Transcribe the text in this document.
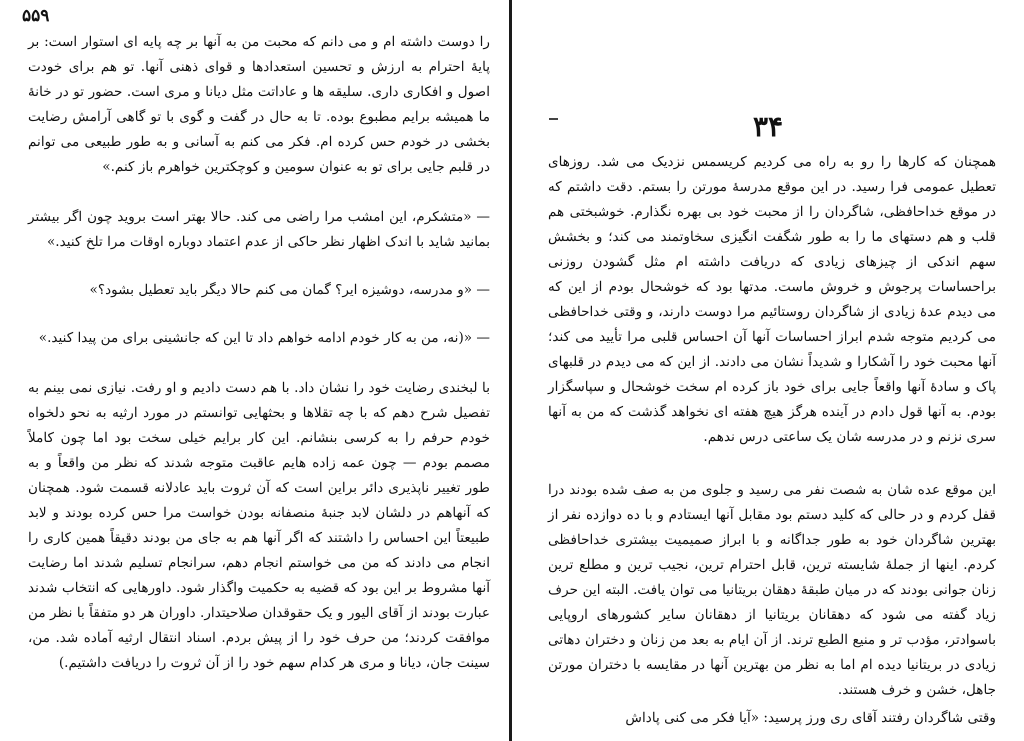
۵۵۹

را دوست داشته ام و می دانم که محبت من به آنها بر چه پایه ای استوار است: بر پایهٔ احترام به ارزش و تحسین استعدادها و قوای ذهنی آنها. تو هم برای خودت اصول و افکاری داری. سلیقه ها و عاداتت مثل دیانا و مری است. حضور تو در خانهٔ ما همیشه برایم مطبوع بوده. تا به حال در گفت و گوی با تو گاهی آرامش رضایت بخشی در خودم حس کرده ام. فکر می کنم به آسانی و به طور طبیعی می توانم در قلبم جایی برای تو به عنوان سومین و کوچکترین خواهرم باز کنم.»

— «متشکرم، این امشب مرا راضی می کند. حالا بهتر است بروید چون اگر بیشتر بمانید شاید با اندک اظهار نظر حاکی از عدم اعتماد دوباره اوقات مرا تلخ کنید.»

— «و مدرسه، دوشیزه ایر؟ گمان می کنم حالا دیگر باید تعطیل بشود؟»

— «(نه، من به کار خودم ادامه خواهم داد تا این که جانشینی برای من پیدا کنید.»

با لبخندی رضایت خود را نشان داد. با هم دست دادیم و او رفت. نیازی نمی بینم به تفصیل شرح دهم که با چه تقلاها و بحثهایی توانستم در مورد ارثیه به نحو دلخواه خودم حرفم را به کرسی بنشانم. این کار برایم خیلی سخت بود اما چون کاملاً مصمم بودم — چون عمه زاده هایم عاقبت متوجه شدند که نظر من واقعاً و به طور تغییر ناپذیری دائر براین است که آن ثروت باید عادلانه قسمت شود. همچنان که آنهاهم در دلشان لابد جنبهٔ منصفانه بودن خواست مرا حس کرده بودند و لابد طبیعتاً این احساس را داشتند که اگر آنها هم به جای من بودند دقیقاً همین کاری را انجام می دادند که من می خواستم انجام دهم، سرانجام تسلیم شدند اما رضایت آنها مشروط بر این بود که قضیه به حکمیت واگذار شود. داورهایی که انتخاب شدند عبارت بودند از آقای الیور و یک حقوقدان صلاحیتدار. داوران هر دو متفقاً با نظر من موافقت کردند؛ من حرف خود را از پیش بردم. اسناد انتقال ارثیه آماده شد. من، سینت جان، دیانا و مری هر کدام سهم خود را از آن ثروت را دریافت داشتیم.)

۳۴

همچنان که کارها را رو به راه می کردیم کریسمس نزدیک می شد. روزهای تعطیل عمومی فرا رسید. در این موقع مدرسهٔ مورتن را بستم. دقت داشتم که در موقع خداحافظی، شاگردان را از محبت خود بی بهره نگذارم. خوشبختی هم قلب و هم دستهای ما را به طور شگفت انگیزی سخاوتمند می کند؛ و بخشش سهم اندکی از چیزهای زیادی که دریافت داشته ام مثل گشودن روزنی براحساسات پرجوش و خروش ماست. مدتها بود که خوشحال بودم از این که می دیدم عدهٔ زیادی از شاگردان روستائیم مرا دوست دارند، و وقتی خداحافظی می کردیم متوجه شدم ابراز احساسات آنها آن احساس قلبی مرا تأیید می کند؛ آنها محبت خود را آشکارا و شدیداً نشان می دادند. از این که می دیدم در قلبهای پاک و سادهٔ آنها واقعاً جایی برای خود باز کرده ام سخت خوشحال و سپاسگزار بودم. به آنها قول دادم در آینده هرگز هیچ هفته ای نخواهد گذشت که من به آنها سری نزنم و در مدرسه شان یک ساعتی درس ندهم.

این موقع عده شان به شصت نفر می رسید و جلوی من به صف شده بودند درا قفل کردم و در حالی که کلید دستم بود مقابل آنها ایستادم و با ده دوازده نفر از بهترین شاگردان خود به طور جداگانه و با ابراز صمیمیت بیشتری خداحافظی کردم. اینها از جملهٔ شایسته ترین، قابل احترام ترین، نجیب ترین و مطلع ترین زنان جوانی بودند که در میان طبقهٔ دهقان بریتانیا می توان یافت. البته این حرف زیاد گفته می شود که دهقانان بریتانیا از دهقانان سایر کشورهای اروپایی باسوادتر، مؤدب تر و منیع الطبع ترند. از آن ایام به بعد من زنان و دختران دهاتی زیادی در بریتانیا دیده ام اما به نظر من بهترین آنها در مقایسه با دختران مورتن جاهل، خشن و خرف هستند.

وقتی شاگردان رفتند آقای ری ورز پرسید: «آیا فکر می کنی پاداش
